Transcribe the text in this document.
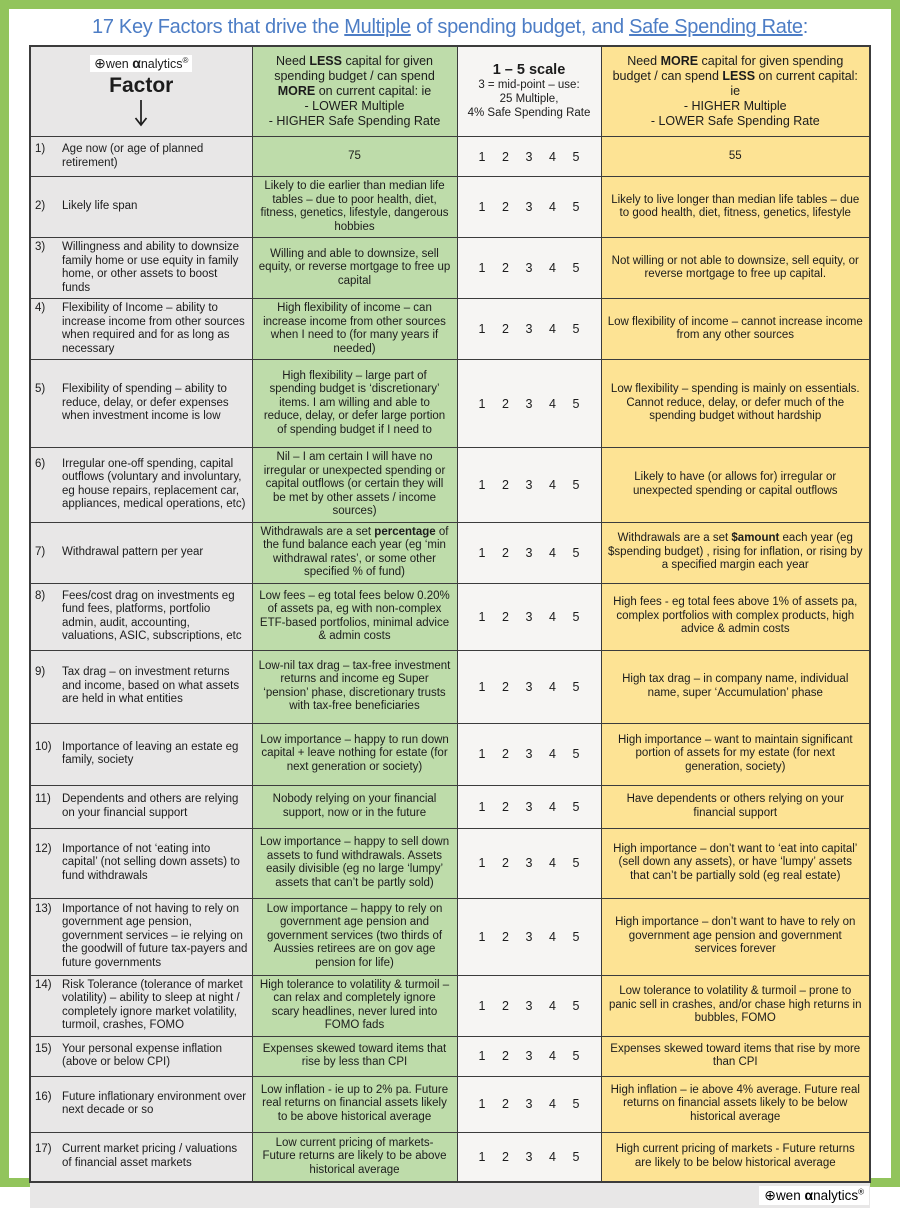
17 Key Factors that drive the Multiple of spending budget, and Safe Spending Rate:
⊕wen αnalytics®
Factor
	Need LESS capital for given spending budget / can spend MORE on current capital: ie
- LOWER Multiple
- HIGHER Safe Spending Rate	1 – 5 scale
3 = mid-point – use:
25 Multiple,
4% Safe Spending Rate	Need MORE capital for given spending budget / can spend LESS on current capital: ie
- HIGHER Multiple
- LOWER Safe Spending Rate

1) Age now (or age of planned retirement)	75	1 2 3 4 5	55

2) Likely life span	Likely to die earlier than median life tables – due to poor health, diet, fitness, genetics, lifestyle, dangerous hobbies	1 2 3 4 5	Likely to live longer than median life tables – due to good health, diet, fitness, genetics, lifestyle

3) Willingness and ability to downsize family home or use equity in family home, or other assets to boost funds	Willing and able to downsize, sell equity, or reverse mortgage to free up capital	1 2 3 4 5	Not willing or not able to downsize, sell equity, or reverse mortgage to free up capital.

4) Flexibility of Income – ability to increase income from other sources when required and for as long as necessary	High flexibility of income – can increase income from other sources when I need to (for many years if needed)	1 2 3 4 5	Low flexibility of income – cannot increase income from any other sources

5) Flexibility of spending – ability to reduce, delay, or defer expenses when investment income is low	High flexibility – large part of spending budget is ‘discretionary’ items. I am willing and able to reduce, delay, or defer large portion of spending budget if I need to	1 2 3 4 5	Low flexibility – spending is mainly on essentials. Cannot reduce, delay, or defer much of the spending budget without hardship

6) Irregular one-off spending, capital outflows (voluntary and involuntary, eg house repairs, replacement car, appliances, medical operations, etc)	Nil – I am certain I will have no irregular or unexpected spending or capital outflows (or certain they will be met by other assets / income sources)	1 2 3 4 5	Likely to have (or allows for) irregular or unexpected spending or capital outflows

7) Withdrawal pattern per year	Withdrawals are a set percentage of the fund balance each year (eg ‘min withdrawal rates’, or some other specified % of fund)	1 2 3 4 5	Withdrawals are a set $amount each year (eg $spending budget) , rising for inflation, or rising by a specified margin each year

8) Fees/cost drag on investments eg fund fees, platforms, portfolio admin, audit, accounting, valuations, ASIC, subscriptions, etc	Low fees – eg total fees below 0.20% of assets pa, eg with non-complex ETF-based portfolios, minimal advice & admin costs	1 2 3 4 5	High fees - eg total fees above 1% of assets pa, complex portfolios with complex products, high advice & admin costs

9) Tax drag – on investment returns and income, based on what assets are held in what entities	Low-nil tax drag – tax-free investment returns and income eg Super ‘pension’ phase, discretionary trusts with tax-free beneficiaries	1 2 3 4 5	High tax drag – in company name, individual name, super ‘Accumulation’ phase

10) Importance of leaving an estate eg family, society	Low importance – happy to run down capital + leave nothing for estate (for next generation or society)	1 2 3 4 5	High importance – want to maintain significant portion of assets for my estate (for next generation, society)

11) Dependents and others are relying on your financial support	Nobody relying on your financial support, now or in the future	1 2 3 4 5	Have dependents or others relying on your financial support

12) Importance of not ‘eating into capital’ (not selling down assets) to fund withdrawals	Low importance – happy to sell down assets to fund withdrawals. Assets easily divisible (eg no large ‘lumpy’ assets that can’t be partly sold)	1 2 3 4 5	High importance – don’t want to ‘eat into capital’ (sell down any assets), or have ‘lumpy’ assets that can’t be partially sold (eg real estate)

13) Importance of not having to rely on government age pension, government services – ie relying on the goodwill of future tax-payers and future governments	Low importance – happy to rely on government age pension and government services (two thirds of Aussies retirees are on gov age pension for life)	1 2 3 4 5	High importance – don’t want to have to rely on government age pension and government services forever

14) Risk Tolerance (tolerance of market volatility) – ability to sleep at night / completely ignore market volatility, turmoil, crashes, FOMO	High tolerance to volatility & turmoil – can relax and completely ignore scary headlines, never lured into FOMO fads	1 2 3 4 5	Low tolerance to volatility & turmoil – prone to panic sell in crashes, and/or chase high returns in bubbles, FOMO

15) Your personal expense inflation (above or below CPI)	Expenses skewed toward items that rise by less than CPI	1 2 3 4 5	Expenses skewed toward items that rise by more than CPI

16) Future inflationary environment over next decade or so	Low inflation - ie up to 2% pa. Future real returns on financial assets likely to be above historical average	1 2 3 4 5	High inflation – ie above 4% average. Future real returns on financial assets likely to be below historical average

17) Current market pricing / valuations of financial asset markets	Low current pricing of markets- Future returns are likely to be above historical average	1 2 3 4 5	High current pricing of markets - Future returns are likely to be below historical average
⊕wen αnalytics®
